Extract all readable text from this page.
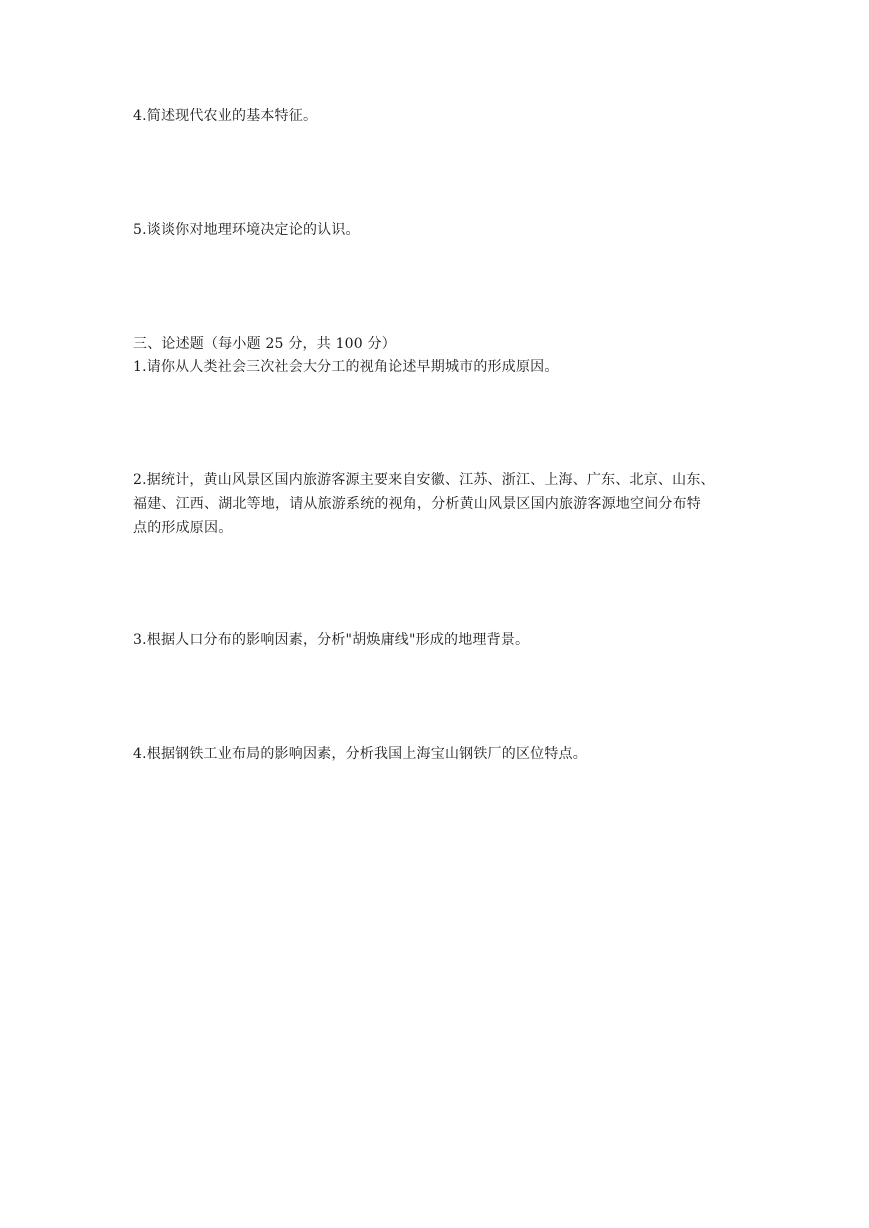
4.简述现代农业的基本特征。
5.谈谈你对地理环境决定论的认识。
三、论述题（每小题 25 分，共 100 分）
1.请你从人类社会三次社会大分工的视角论述早期城市的形成原因。
2.据统计，黄山风景区国内旅游客源主要来自安徽、江苏、浙江、上海、广东、北京、山东、
福建、江西、湖北等地，请从旅游系统的视角，分析黄山风景区国内旅游客源地空间分布特
点的形成原因。
3.根据人口分布的影响因素，分析"胡焕庸线"形成的地理背景。
4.根据钢铁工业布局的影响因素，分析我国上海宝山钢铁厂的区位特点。
